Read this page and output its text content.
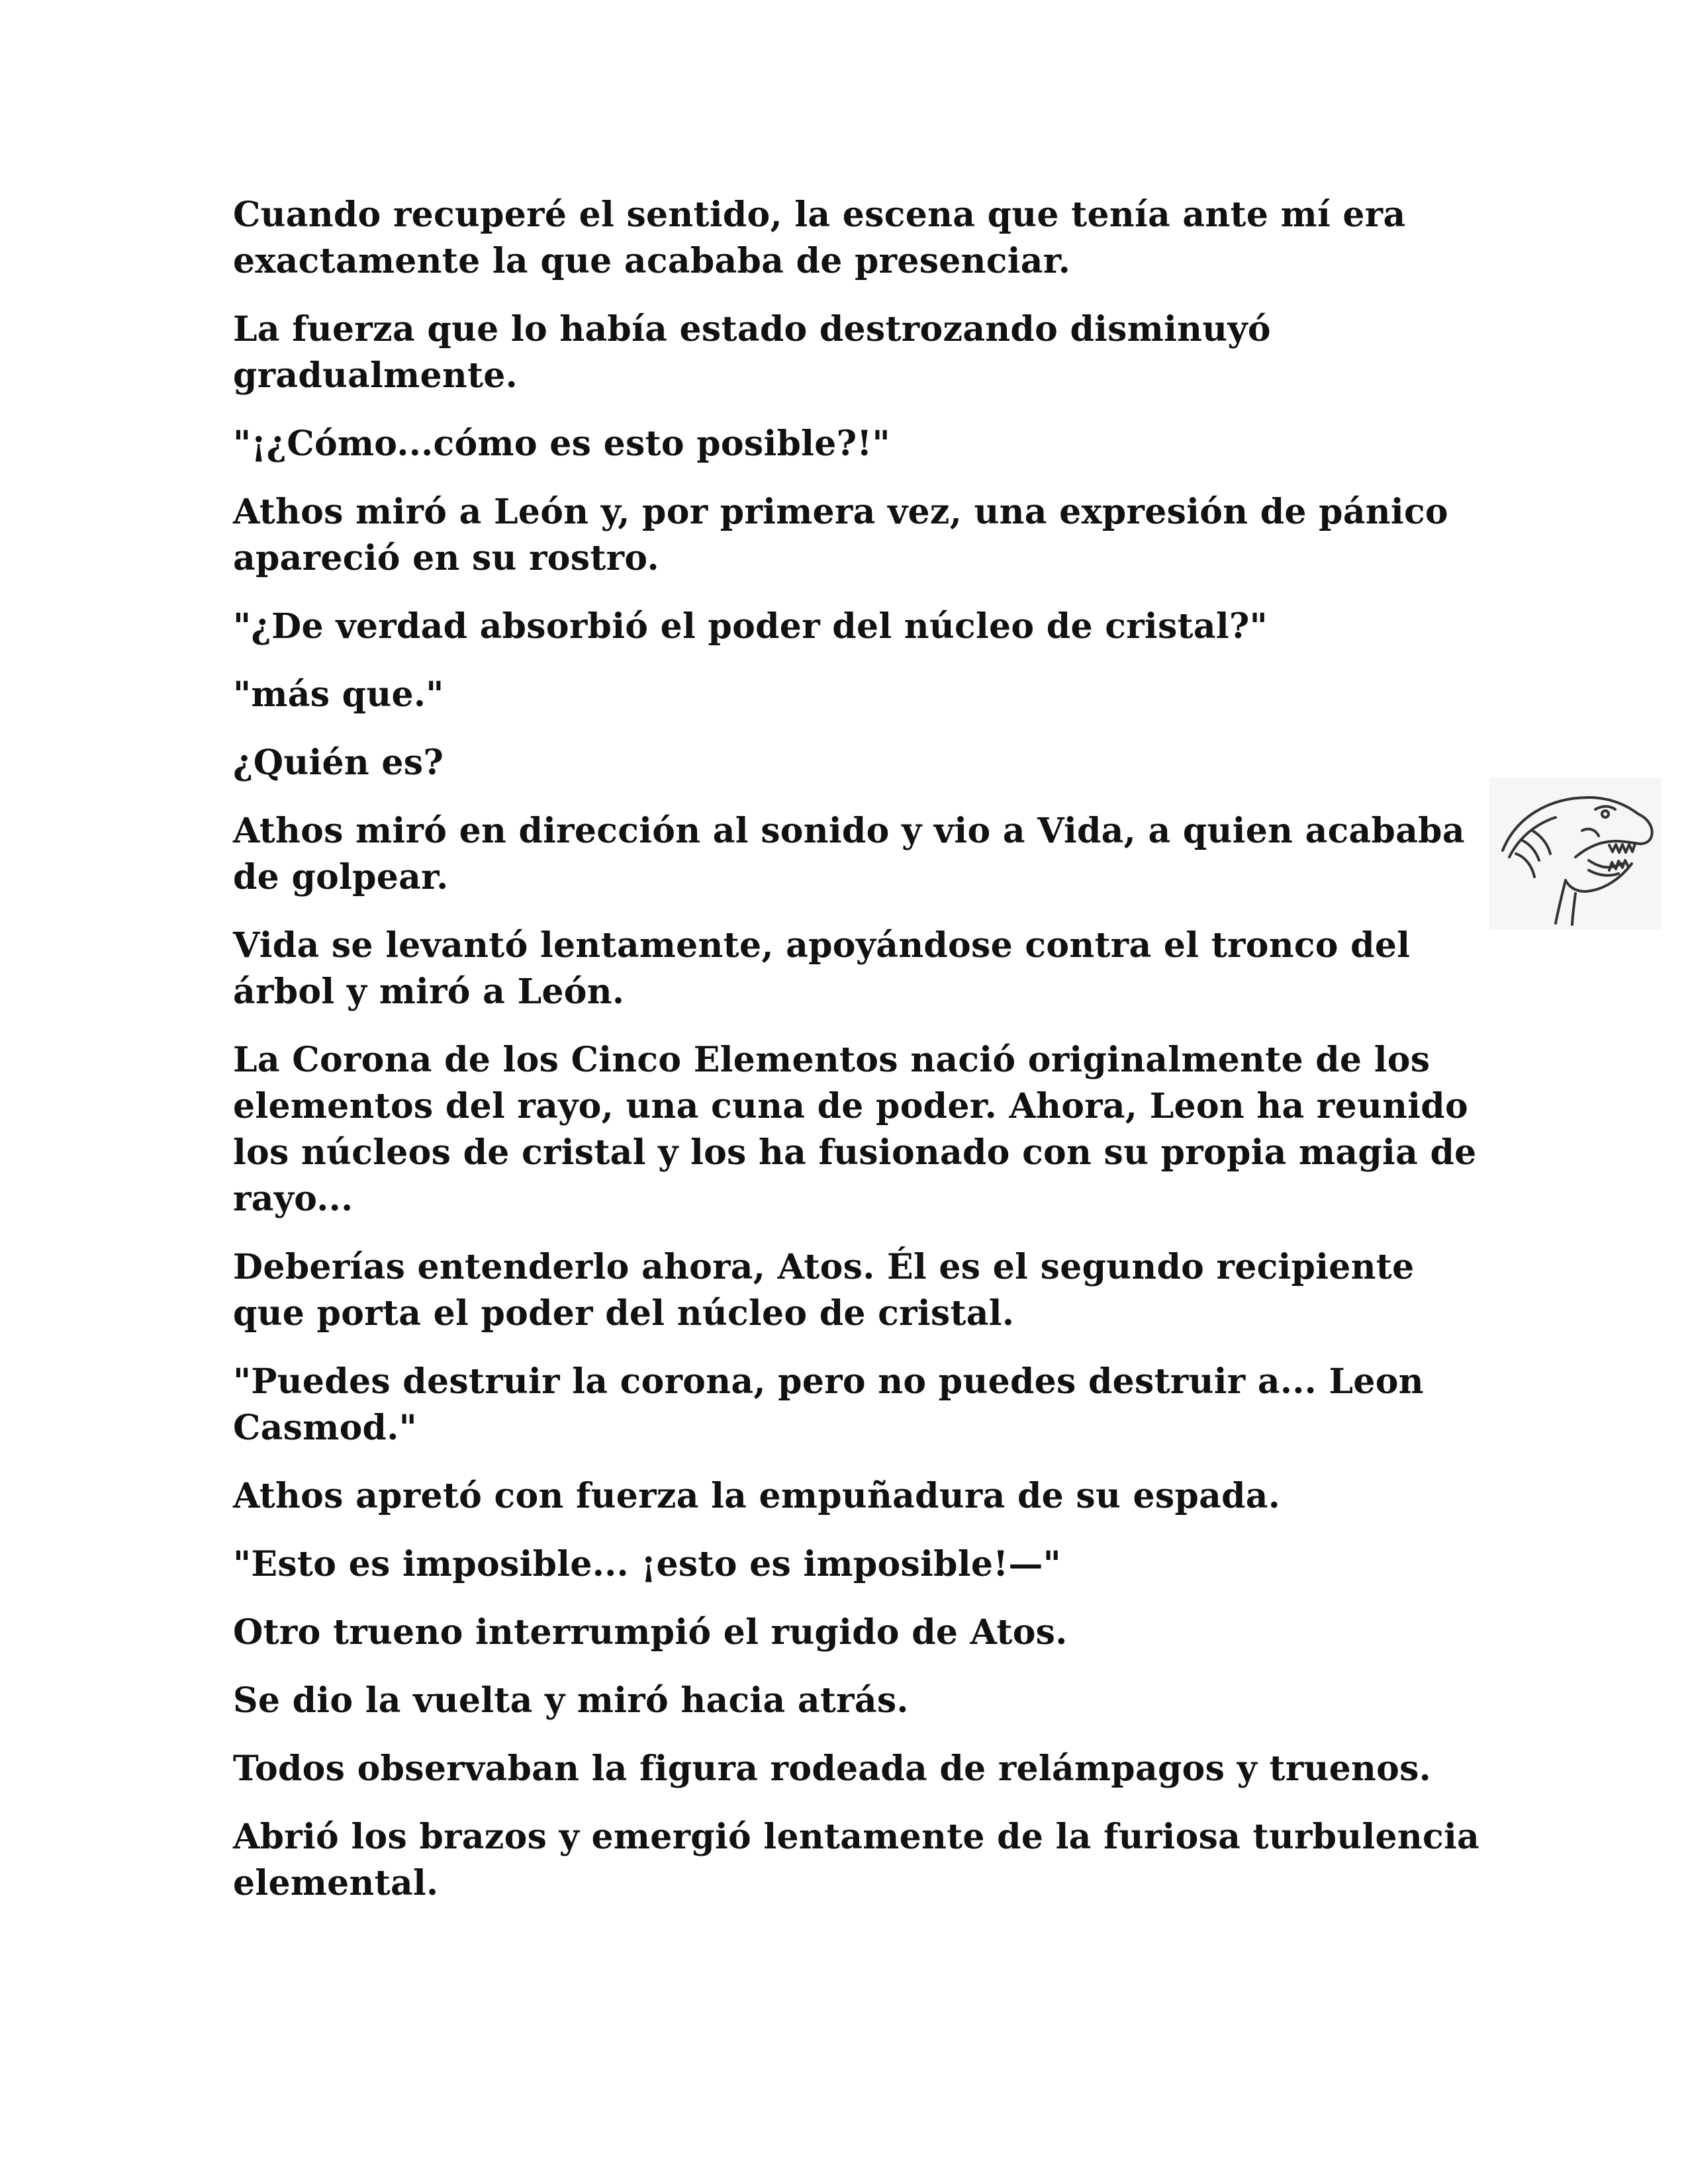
Cuando recuperé el sentido, la escena que tenía ante mí era exactamente la que acababa de presenciar.

La fuerza que lo había estado destrozando disminuyó gradualmente.

"¡¿Cómo...cómo es esto posible?!"

Athos miró a León y, por primera vez, una expresión de pánico apareció en su rostro.

"¿De verdad absorbió el poder del núcleo de cristal?"

"más que."

¿Quién es?

Athos miró en dirección al sonido y vio a Vida, a quien acababa de golpear.

Vida se levantó lentamente, apoyándose contra el tronco del árbol y miró a León.

La Corona de los Cinco Elementos nació originalmente de los elementos del rayo, una cuna de poder. Ahora, Leon ha reunido los núcleos de cristal y los ha fusionado con su propia magia de rayo...

Deberías entenderlo ahora, Atos. Él es el segundo recipiente que porta el poder del núcleo de cristal.

"Puedes destruir la corona, pero no puedes destruir a... Leon Casmod."

Athos apretó con fuerza la empuñadura de su espada.

"Esto es imposible... ¡esto es imposible!—"

Otro trueno interrumpió el rugido de Atos.

Se dio la vuelta y miró hacia atrás.

Todos observaban la figura rodeada de relámpagos y truenos.

Abrió los brazos y emergió lentamente de la furiosa turbulencia elemental.
